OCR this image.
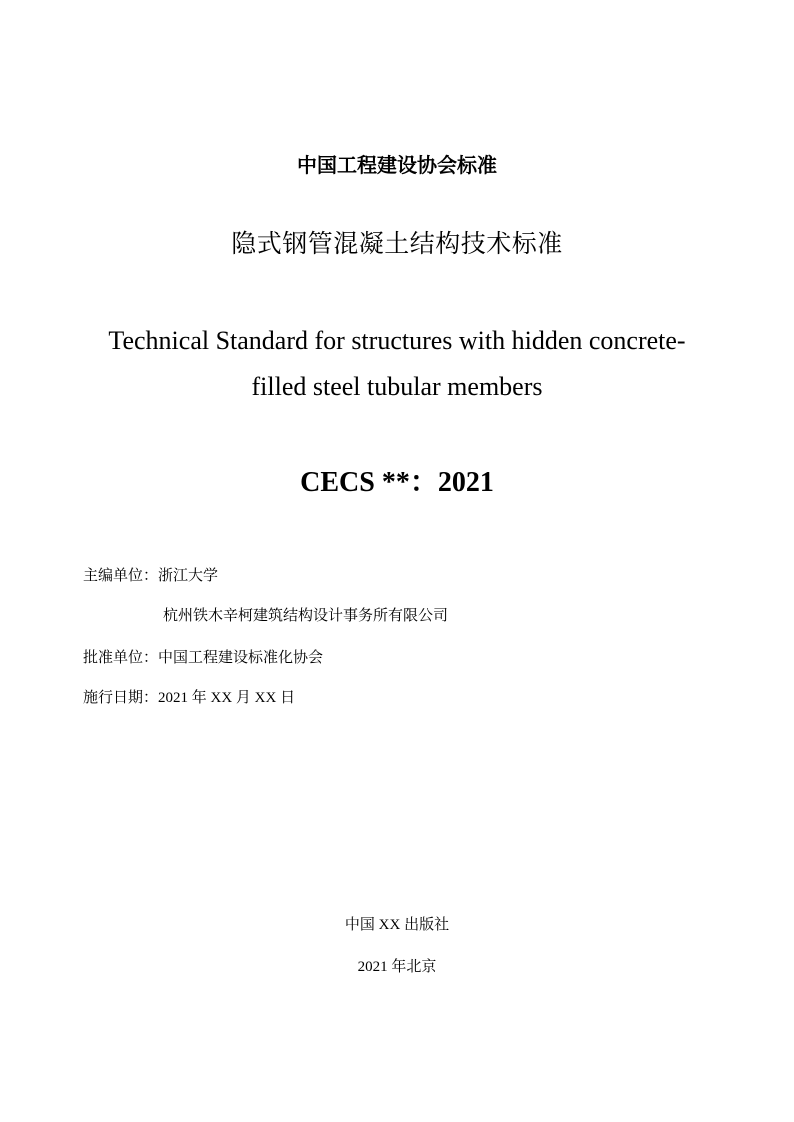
中国工程建设协会标准
隐式钢管混凝土结构技术标准
Technical Standard for structures with hidden concrete-
filled steel tubular members
CECS **：2021
主编单位：浙江大学
杭州铁木辛柯建筑结构设计事务所有限公司
批准单位：中国工程建设标准化协会
施行日期：2021 年 XX 月 XX 日
中国 XX 出版社
2021 年北京
